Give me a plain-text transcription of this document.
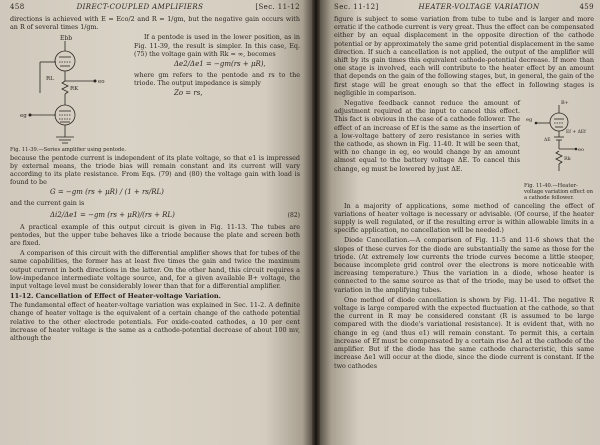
458	DIRECT-COUPLED AMPLIFIERS	[Sec. 11-12

directions is achieved with E = Eco/2 and R = 1/gm, but the negative gain occurs with an R of several times 1/gm.

Ebb
RK
RL
eg
eo
Fig. 11-39.—Series amplifier using pentode.

If a pentode is used in the lower position, as in Fig. 11-39, the result is simpler. In this case, Eq. (75) the voltage gain with Rk = ∞, becomes

Δe2/Δe1 = −gm(rs + μR),

where gm refers to the pentode and rs to the triode. The output impedance is simply

Zo = rs,

because the pentode current is independent of its plate voltage, so that e1 is impressed by external means, the triode bias will remain constant and its current will vary according to its plate resistance. From Eqs. (79) and (80) the voltage gain with load is found to be

G = −gm (rs + μR) / (1 + rs/RL)

and the current gain is

Δi2/Δe1 = −gm (rs + μR)/(rs + RL)	(82)

A practical example of this output circuit is given in Fig. 11-13. The tubes are pentodes, but the upper tube behaves like a triode because the plate and screen both are fixed.

A comparison of this circuit with the differential amplifier shows that for tubes of the same capabilities, the former has at least five times the gain and twice the maximum output current in both directions in the latter. On the other hand, this circuit requires a low-impedance intermediate voltage source, and, for a given available B+ voltage, the input voltage level must be considerably lower than that for a differential amplifier.

11-12. Cancellation of Effect of Heater-voltage Variation.

The fundamental effect of heater-voltage variation was explained in Sec. 11-2. A definite change of heater voltage is the equivalent of a certain change of the cathode potential relative to the other electrode potentials. For oxide-coated cathodes, a 10 per cent increase of heater voltage is the same as a cathode-potential decrease of about 100 mv, although the

Sec. 11-12]	HEATER-VOLTAGE VARIATION	459

figure is subject to some variation from tube to tube and is larger and more erratic if the cathode current is very great. Thus the effect can be compensated either by an equal displacement in the opposite direction of the cathode potential or by approximately the same grid potential displacement in the same direction. If such a cancellation is not applied, the output of the amplifier will shift by its gain times this equivalent cathode-potential decrease. If more than one stage is involved, each will contribute to the heater effect by an amount that depends on the gain of the following stages, but, in general, the gain of the first stage will be great enough so that the effect in following stages is negligible in comparison.

Negative feedback cannot reduce the amount of adjustment required at the input to cancel this effect. This fact is obvious in the case of a cathode follower. The effect of an increase of Ef is the same as the insertion of a low-voltage battery of zero resistance in series with the cathode, as shown in Fig. 11-40. It will be seen that, with no change in eg, eo would change by an amount almost equal to the battery voltage ΔE. To cancel this change, eg must be lowered by just ΔE.

B+
eg
Ef + ΔEf
ΔE
eo
Rk
Fig. 11-40.—Heater-voltage variation effect on a cathode follower.

In a majority of applications, some method of canceling the effect of variations of heater voltage is necessary or advisable. (Of course, if the heater supply is well regulated, or if the resulting error is within allowable limits in a specific application, no cancellation will be needed.)

Diode Cancellation.—A comparison of Fig. 11-5 and 11-6 shows that the slopes of these curves for the diode are substantially the same as those for the triode. (At extremely low currents the triode curves become a little steeper, because incomplete grid control over the electrons is more noticeable with increasing temperature.) Thus the variation in a diode, whose heater is connected to the same source as that of the triode, may be used to offset the variation in the amplifying tubes.

One method of diode cancellation is shown by Fig. 11-41. The negative R voltage is large compared with the expected fluctuation at the cathode, so that the current in R may be considered constant (R is assumed to be large compared with the diode's variational resistance). It is evident that, with no change in eg (and thus e1) will remain constant. To permit this, a certain increase of Ef must be compensated by a certain rise Δe1 at the cathode of the amplifier. But if the diode has the same cathode characteristic, this same increase Δe1 will occur at the diode, since the diode current is constant. If the two cathodes
